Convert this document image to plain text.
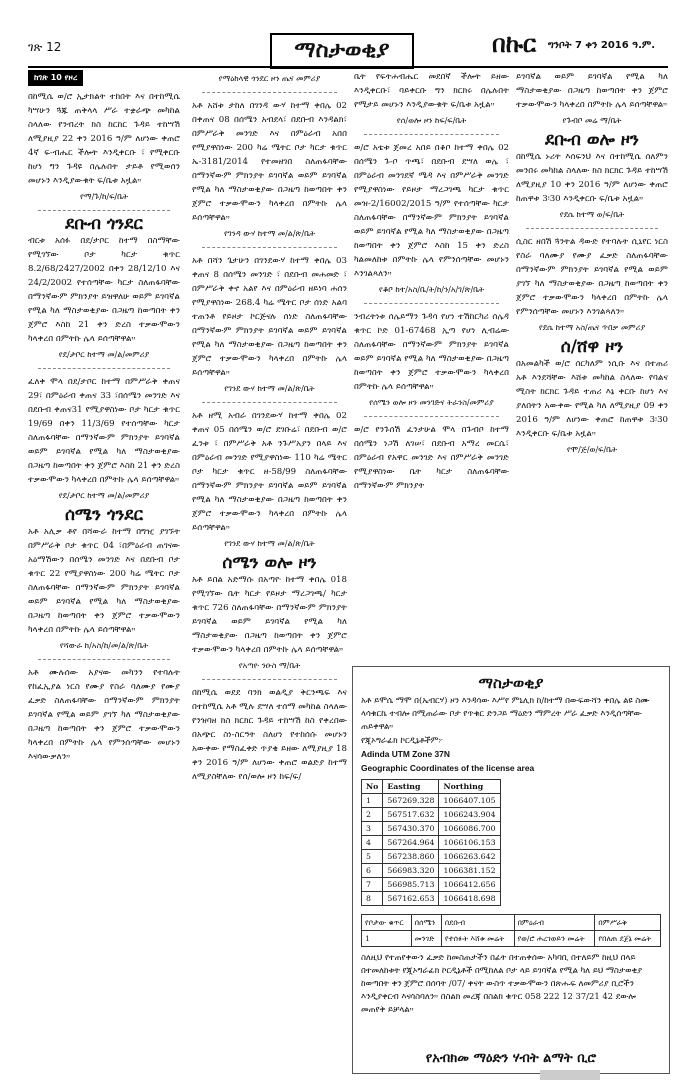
ገጽ 12	ማስታወቂያ	በኩር ግንቦት 7 ቀን 2016 ዓ.ም.
ከገጽ 10 የዞረ

በከሚሴ ወ/ሮ ኢታክልት ተከበት እና በተከሚሴ ካሣሁን ጓጁ ጠቅላላ ሥራ ተቋራጭ መካከል ስላለው የንብረት ክስ ከርከር ጉዳይ ተከሣሽ ለሚያዚያ 22 ቀን 2016 ዓ/ም ለሆነው ቀጠሮ 4ኛ ፍ-ብሔር ችሎት እንዲቀርቡ ፣ የሚቀርቡ ከሆነ ግን ጉዳዩ በሌሉበት ታይቶ የሚወሰን መሆኑን እንዲያውቁት ፍ/ቤቱ አዟል።

የማ/ጉ/ከ/ፍ/ቤት
ደቡብ ጎንደር

ብርቱ አሰፉ በደ/ታቦር ከተማ በስማቸው የሚገኘው ቦታ ካርታ ቁጥር 8.2/68/2427/2002 በቀን 28/12/10 እና 24/2/2002 የተሰጣቸው ካርታ ስለጠፋባቸው በማንኛውም ምክንያት ይዝዋለሁ ወይም ይገባኛል የሚል ካለ ማስታወቂያው በጋዜጣ ከወጣበት ቀን ጀምሮ እስከ 21 ቀን ድረስ ተቃውሞውን ካላቀረበ በምትኩ ሌላ ይሰጣቸዋል።

የደ/ታቦር ከተማ መ/ል/መምሪያ

ፈለቀ ሞላ በደ/ታቦር ከተማ በምሥራቅ ቀጠና 29፣ በምዕራብ ቀጠና 33 ፣በሰሜን መንገድ እና በደቡብ ቀጠና31 የሚያዋስነው ቦታ ካርታ ቁጥር 19/69 በቀን 11/3/69 የተሰጣቸው ካርታ ስለጠፋባቸው በማንኛውም ምክንያት ይገባኛል ወይም ይገባኛል የሚል ካለ ማስታወቂያው በጋዜጣ ከወጣበት ቀን ጀምሮ እስከ 21 ቀን ድረስ ተቃውሞውን ካላቀረበ በምትኩ ሌላ ይሰጣቸዋል።

የደ/ታቦር ከተማ መ/ል/መምሪያ
ሰሜን ጎንደር

አቶ አሊቃ ቶየ በሻውራ ከተማ በግዢ ያገኙት በምሥራቅ ቦታ ቁጥር 04 ፣በምዕራብ ጠገናው አዕማሽውን በሰሜን መንገድ እና በደቡብ ቦታ ቁጥር 22 የሚያዋስነው 200 ካሬ ሜትር ቦታ ስለጠፋባቸው በማንኛውም ምክንያት ይገባኛል ወይም ይገባኛል የሚል ካለ ማስታወቂያው በጋዜጣ ከወጣበት ቀን ጀምሮ ተቃውሞውን ካላቀረበ በምትኩ ሌላ ይሰጣቸዋል።

የሻውራ ከ/አስ/ከ/መ/ል/ጽ/ቤት

አቶ ሙሉሰው አያናው መካንን የተባሉት የከፈኢያል ነርስ የሙያ የስራ ባለሙያ የሙያ ፈቃድ ስለጠፋባቸው በማንኛውም ምክንያት ይገባኛል የሚል ወይም ያገኘ ካለ ማስታወቂያው በጋዜጣ ከወጣበት ቀን ጀምሮ ተቃውሞውን ካላቀረበ በምትኩ ሌላ የምንሰጣቸው መሆኑን እናሳውቃለን።

የማዕከላዊ ጎንደር ዞን ጤና መምሪያ

አቶ አሸቱ ታከለ በገንዳ ውሃ ከተማ ቀበሌ 02 በቀጠና 08 በሰሜን አብደላ፣ በደቡብ እንዳልክ፣ በምሥራቅ መንገድ እና በምዕራብ አበበ የሚያዋስነው 200 ካሬ ሜትር ቦታ ካርታ ቁጥር ኤ-3181/2014 የተመዘገበ ስለጠፋባቸው በማንኛውም ምክንያት ይገባኛል ወይም ይገባኛል የሚል ካለ ማስታወቂያው በጋዜጣ ከወጣበት ቀን ጀምሮ ተቃውሞውን ካላቀረበ በምትኩ ሌላ ይሰጣቸዋል።

የገንዳ ውሃ ከተማ መ/ል/ጽ/ቤት

አቶ በሻን ጌታሁን በገንደውሃ ከተማ ቀበሌ 03 ቀጠና 8 በሰሜን መንገድ ፣ በደቡብ መሐመድ ፣ በምሥራቅ ቀኖ አልየ እና በምዕራብ ዘይነባ ሐሰን የሚያዋስነው 268.4 ካሬ ሜትር ቦታ ሰነድ አልባ ተጠንቶ የይዞታ ኮርጅናሉ ሰነድ ስለጠፋባቸው በማንኛውም ምክንያት ይገባኛል ወይም ይገባኛል የሚል ካለ ማስታወቂያው በጋዜጣ ከወጣበት ቀን ጀምሮ ተቃውሞውን ካላቀረበ በምትኩ ሌላ ይሰጣቸዋል።

የገንደ ውሃ ከተማ መ/ል/ጽ/ቤት

አቶ ዘሚ አብራ በገንደውሃ ከተማ ቀበሌ 02 ቀጠና 05 በሰሜን ወ/ሮ ደገቡሬ፣ በደቡብ ወ/ሮ ፈንቱ ፣ በምሥራቅ አቶ ንጉሥአያን በላይ እና በምዕራብ መንገድ የሚያዋስነው 110 ካሬ ሜትር ቦታ ካርታ ቁጥር ዘ-58/99 ስለጠፋባቸው በማንኛውም ምክንያት ይገባኛል ወይም ይገባኛል የሚል ካለ ማስታወቂያው በጋዜጣ ከወጣበት ቀን ጀምሮ ተቃውሞውን ካላቀረበ በምትኩ ሌላ ይሰጣቸዋል።

የገንደ ውሃ ከተማ መ/ል/ጽ/ቤት
ሰሜን ወሎ ዞን

አቶ ይበል አድማሱ በአጣዮ ከተማ ቀበሌ 018 የሚገኘው ቤት ካርታ የይዞታ ማረጋገጫ/ ካርታ ቁጥር 726 ስለጠፋባቸው በማንኛውም ምክንያት ይገባኛል ወይም ይገባኛል የሚል ካለ ማስታወቂያው በጋዜጣ ከወጣበት ቀን ጀምሮ ተቃውሞውን ካላቀረበ በምትኩ ሌላ ይሰጣቸዋል።

የአጣዮ ንዑስ ማ/ቤት

በከሚሴ ወደደ ባንክ ወልዲያ ቅርንጫፍ እና በተከሚሴ አቶ ሚሉ ደሣለ ተሰማ መካከል ስላለው የንዝባዘ ክስ ክርክር ጉዳይ ተከሣሽ ከስ የቀረበው በአጭር ስነ-ስርዓት ስለሆነ የተከሰሱ መሆኑን አውቀው የማስፈቀድ ጥያቄ ይዘው ለሚያዚያ 18 ቀን 2016 ዓ/ም ለሆነው ቀጠሮ ወልድያ ከተማ ለሚያስቸለው የሰ/ወሎ ዞን ከፍ/ፍ/

ቤት የፍትሐብሔር መደበኛ ችሎት ይዘው እንዲቀርቡ፣ ባይቀርቡ ግን ክርክሩ በሌሉበት የሚታይ መሆኑን እንዲያውቁት ፍ/ቤቱ አዟል።

የሰ/ወሎ ዞን ከፍ/ፍ/ቤት

ወ/ሮ አቴቱ ጀመረ አበይ በቆቦ ከተማ ቀበሌ 02 በሰሜን ጉ-ቦ ጥጫ፣ በደቡብ ደሣለ ወሌ ፣ በምዕራብ መንገደኛ ሜዳ እና በምሥራቅ መንገድ የሚያዋስነው የይዞታ ማረጋገጫ ካርታ ቁጥር መዝ-2/16002/2015 ዓ/ም የተሰጣቸው ካርታ ስለጠፋባቸው በማንኛውም ምክንያት ይገባኛል ወይም ይገባኛል የሚል ካለ ማስታወቂያው በጋዜጣ ከወጣበት ቀን ጀምሮ እስከ 15 ቀን ድረስ ካልመለከቱ በምትኩ ሌላ የምንሰጣቸው መሆኑን እንገልጻለን።

የቆቦ ከተ/አስ/ቤ/ት/ከ/ን/አ/ገ/ጽ/ቤት

ንብረትነቱ ሰሌይማን ጉዳሳ የሆነ ተሽከርካሪ ሰሌዳ ቁጥር ኮድ 01-67468 ኢጣ የሆነ ሊብሬው ስለጠፋባቸው በማንኛውም ምክንያት ይገባኛል ወይም ይገባኛል የሚል ካለ ማስታወቂያው በጋዜጣ ከወጣበት ቀን ጀምሮ ተቃውሞውን ካላቀረበ በምትኩ ሌላ ይሰጣቸዋል።

የሰሜን ወሎ ዞን መንገድና ትራንስ/መምሪያ

ወ/ሮ የንጉሰሽ ፈንታሁል ሞላ በጉብቦ ከተማ በሰሜን ነጋሽ ለገሠ፣ በደቡብ አማረ መርሴ፣ በምዕራብ የአዋር መንገድ እና በምሥራቅ መንገድ የሚያዋስነው ቤት ካርታ ስለጠፋባቸው በማንኛውም ምክንያት

ይገባኛል ወይም ይገባኛል የሚል ካለ ማስታወቂያው በጋዜጣ ከወጣበት ቀን ጀምሮ ተቃውሞውን ካላቀረበ በምትኩ ሌላ ይሰጣቸዋል።

የጉብቦ መሬ ማ/ቤት
ደቡብ ወሎ ዞን

በከሚሴ ኑሪት እሰፍንህ እና በተከሚሴ ሰለምን መንበሩ መካከል ስላለው ክስ ክርክር ጉዳይ ተከሣሽ ለሚያዚያ 10 ቀን 2016 ዓ/ም ለሆነው ቀጠሮ ከጠዋቱ 3፡30 እንዲቀርቡ ፍ/ቤቱ አዟል።

የደሴ ከተማ ወ/ፍ/ቤት

ሲስር ዘበሽ ጓንትል ዳውድ የተባሉት ሲኒየር ነርስ የስራ ባለሙያ የሙያ ፈቃድ ስለጠፋባቸው በማንኛውም ምክንያት ይገባኛል የሚል ወይም ያገኘ ካለ ማስታወቂያው በጋዜጣ ከወጣበት ቀን ጀምሮ ተቃውሞውን ካላቀረበ በምትኩ ሌላ የምንሰጣቸው መሆኑን እንገልጻለን።

የደሴ ከተማ አስ/ጤና ጥበቃ መምሪያ
ሰ/ሸዋ ዞን

በአመልካች ወ/ሮ ሰርካለም ነሲቡ እና በተጠሪ አቶ እንደሻቸው እሸቱ መካከል ስላለው የባልና ሚስት ክርክር ጉዳይ ተጠሪ እኔ ቀርቡ ከሆነ እና ያለበትን አውቀው የሚል ካለ ለሚያዚያ 09 ቀን 2016 ዓ/ም ለሆነው ቀጠሮ ከጠዋቱ 3፡30 እንዲቀርቡ ፍ/ቤቱ አዟል።

የሞ/ጅ/ወ/ፍ/ቤት
ማስታወቂያ
አቶ ይሞሴ ማሞ በ(ኤብርሃ) ዞን እንዳሳው እሥየ ምኒሊክ ከ/ከተማ በውፍውሻን ቀበሌ ልዩ ስሙ ላሳቁርኬ ተብሎ በሚጠራው ቦታ የጥቁር ድንጋይ ማዕድን ማምረት ሥራ ፈቃድ እንዲሰጣቸው ጠይቀዋል።
የጂኦግራፊክ ኮርዲኔቶችም፦
Adinda UTM Zone 37N
Geographic Coordinates of the license area
No	Easting	Northing
1	567269.328	1066407.105
2	567517.632	1066243.904
3	567430.370	1066086.700
4	567264.964	1066106.153
5	567238.860	1066263.642
6	566983.320	1066381.152
7	566985.713	1066412.656
8	567162.653	1066418.698
የቦታው ቁጥር	በሰሜን	በደቡብ	በምዕራብ	በምሥራቅ
1	መንገድ	የተሰፉት እሸቱ መሬት	የወ/ሮ ሐረገወይን መሬት	የበለጠ ደጀኔ መሬት
ስለዚህ የተጠየቀውን ፈቃድ ከመስጠታችን በፊት በተጠቀሰው አካባቢ በተለይም ከዚህ በላይ በተመለከቱት የጂኦግራፊክ ኮርዲኔቶች በሚከለል ቦታ ላይ ይገባኛል የሚል ካለ ይህ ማስታወቂያ ከወጣበት ቀን ጀምሮ በሰባት /07/ ቀናት ውስጥ ተቃውሞውን በጽሑፍ ለመምሪያ ቢሮችን እንዲያቀርብ እናሳስባለን። በስልክ መረጃ በስልክ ቁጥር 058 222 12 37/21 42 ደውሎ መጠየቅ ይቻላል።
የአብክመ ማዕድን ሃብት ልማት ቢሮ
